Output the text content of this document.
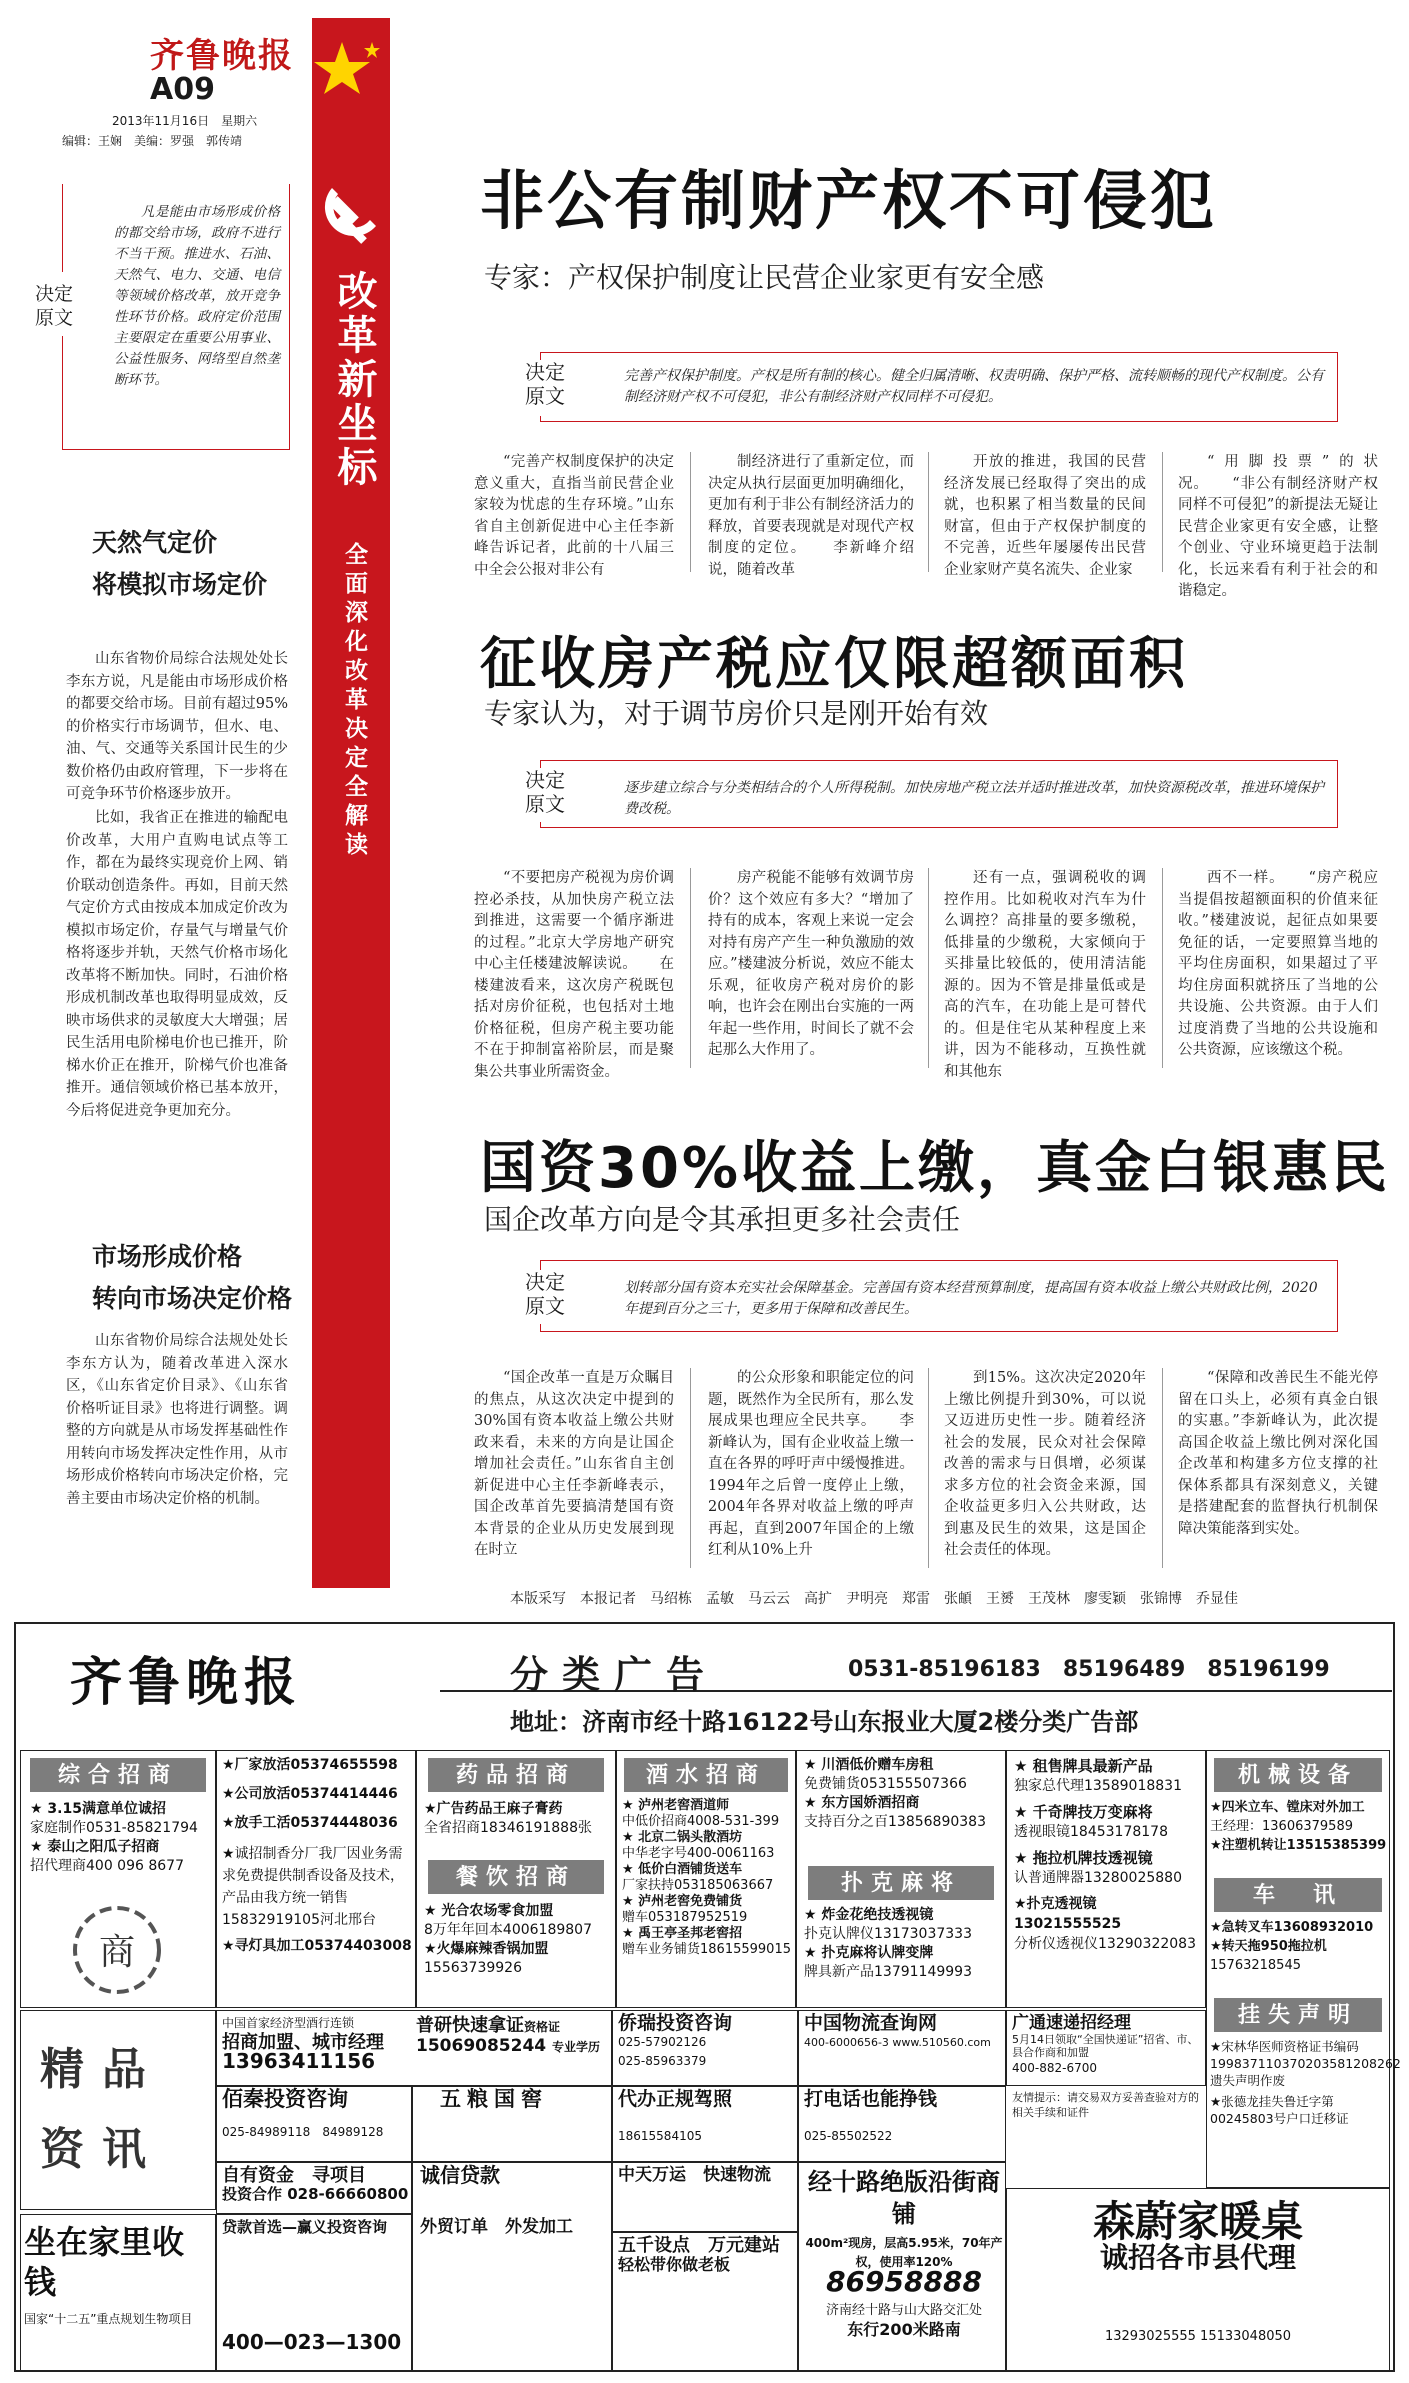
齐鲁晚报
A09
2013年11月16日　星期六
编辑：王娴　美编：罗强　郭传靖
改革新坐标
全面深化改革决定全解读
决定原文
凡是能由市场形成价格的都交给市场，政府不进行不当干预。推进水、石油、天然气、电力、交通、电信等领域价格改革，放开竞争性环节价格。政府定价范围主要限定在重要公用事业、公益性服务、网络型自然垄断环节。
天然气定价
将模拟市场定价
山东省物价局综合法规处处长李东方说，凡是能由市场形成价格的都要交给市场。目前有超过95%的价格实行市场调节，但水、电、油、气、交通等关系国计民生的少数价格仍由政府管理，下一步将在可竞争环节价格逐步放开。
比如，我省正在推进的输配电价改革，大用户直购电试点等工作，都在为最终实现竞价上网、销价联动创造条件。再如，目前天然气定价方式由按成本加成定价改为模拟市场定价，存量气与增量气价格将逐步并轨，天然气价格市场化改革将不断加快。同时，石油价格形成机制改革也取得明显成效，反映市场供求的灵敏度大大增强；居民生活用电阶梯电价也已推开，阶梯水价正在推开，阶梯气价也准备推开。通信领域价格已基本放开，今后将促进竞争更加充分。
市场形成价格
转向市场决定价格
山东省物价局综合法规处处长李东方认为，随着改革进入深水区，《山东省定价目录》、《山东省价格听证目录》也将进行调整。调整的方向就是从市场发挥基础性作用转向市场发挥决定性作用，从市场形成价格转向市场决定价格，完善主要由市场决定价格的机制。
非公有制财产权不可侵犯
专家：产权保护制度让民营企业家更有安全感
决定原文
完善产权保护制度。产权是所有制的核心。健全归属清晰、权责明确、保护严格、流转顺畅的现代产权制度。公有制经济财产权不可侵犯，非公有制经济财产权同样不可侵犯。
“完善产权制度保护的决定意义重大，直指当前民营企业家较为忧虑的生存环境。”山东省自主创新促进中心主任李新峰告诉记者，此前的十八届三中全会公报对非公有
制经济进行了重新定位，而决定从执行层面更加明确细化，更加有利于非公有制经济活力的释放，首要表现就是对现代产权制度的定位。　　李新峰介绍说，随着改革
开放的推进，我国的民营经济发展已经取得了突出的成就，也积累了相当数量的民间财富，但由于产权保护制度的不完善，近些年屡屡传出民营企业家财产莫名流失、企业家
“用脚投票”的状况。　　“非公有制经济财产权同样不可侵犯”的新提法无疑让民营企业家更有安全感，让整个创业、守业环境更趋于法制化，长远来看有利于社会的和谐稳定。
征收房产税应仅限超额面积
专家认为，对于调节房价只是刚开始有效
决定原文
逐步建立综合与分类相结合的个人所得税制。加快房地产税立法并适时推进改革，加快资源税改革，推进环境保护费改税。
“不要把房产税视为房价调控必杀技，从加快房产税立法到推进，这需要一个循序渐进的过程。”北京大学房地产研究中心主任楼建波解读说。　　在楼建波看来，这次房产税既包括对房价征税，也包括对土地价格征税，但房产税主要功能不在于抑制富裕阶层，而是聚集公共事业所需资金。
房产税能不能够有效调节房价？这个效应有多大？“增加了持有的成本，客观上来说一定会对持有房产产生一种负激励的效应。”楼建波分析说，效应不能太乐观，征收房产税对房价的影响，也许会在刚出台实施的一两年起一些作用，时间长了就不会起那么大作用了。
还有一点，强调税收的调控作用。比如税收对汽车为什么调控？高排量的要多缴税，低排量的少缴税，大家倾向于买排量比较低的，使用清洁能源的。因为不管是排量低或是高的汽车，在功能上是可替代的。但是住宅从某种程度上来讲，因为不能移动，互换性就和其他东
西不一样。　　“房产税应当提倡按超额面积的价值来征收。”楼建波说，起征点如果要免征的话，一定要照算当地的平均住房面积，如果超过了平均住房面积就挤压了当地的公共设施、公共资源。由于人们过度消费了当地的公共设施和公共资源，应该缴这个税。
国资30%收益上缴，真金白银惠民
国企改革方向是令其承担更多社会责任
决定原文
划转部分国有资本充实社会保障基金。完善国有资本经营预算制度，提高国有资本收益上缴公共财政比例，2020年提到百分之三十，更多用于保障和改善民生。
“国企改革一直是万众瞩目的焦点，从这次决定中提到的30%国有资本收益上缴公共财政来看，未来的方向是让国企增加社会责任。”山东省自主创新促进中心主任李新峰表示，国企改革首先要搞清楚国有资本背景的企业从历史发展到现在时立
的公众形象和职能定位的问题，既然作为全民所有，那么发展成果也理应全民共享。　　李新峰认为，国有企业收益上缴一直在各界的呼吁声中缓慢推进。1994年之后曾一度停止上缴，2004年各界对收益上缴的呼声再起，直到2007年国企的上缴红利从10%上升
到15%。这次决定2020年上缴比例提升到30%，可以说又迈进历史性一步。随着经济社会的发展，民众对社会保障改善的需求与日俱增，必须谋求多方位的社会资金来源，国企收益更多归入公共财政，达到惠及民生的效果，这是国企社会责任的体现。
“保障和改善民生不能光停留在口头上，必须有真金白银的实惠。”李新峰认为，此次提高国企收益上缴比例对深化国企改革和构建多方位支撑的社保体系都具有深刻意义，关键是搭建配套的监督执行机制保障决策能落到实处。
本版采写　本报记者　马绍栋　孟敏　马云云　高扩　尹明亮　郑雷　张頔　王赟　王茂林　廖雯颖　张锦博　乔显佳
齐鲁晚报	分类广告	0531-85196183　85196489　85196199
地址：济南市经十路16122号山东报业大厦2楼分类广告部
综合招商
★ 3.15满意单位诚招
家庭制作0531-85821794
★ 泰山之阳瓜子招商
招代理商400 096 8677
商
★厂家放活05374655598
★公司放活05374414446
★放手工活05374448036
★诚招制香分厂我厂因业务需求免费提供制香设备及技术，产品由我方统一销售15832919105河北邢台
★寻灯具加工05374403008
药品招商
★广告药品王麻子膏药
全省招商18346191888张
餐饮招商
★ 光合农场零食加盟
8万年年回本4006189807
★火爆麻辣香锅加盟
15563739926
酒水招商
★ 泸州老窖酒道师
中低价招商4008-531-399
★ 北京二锅头散酒坊
中华老字号400-0061163
★ 低价白酒铺货送车
厂家扶持053185063667
★ 泸州老窖免费铺货
赠车053187952519
★ 禹王亭圣邦老窖招
赠车业务铺货18615599015
★ 川酒低价赠车房租
免费铺货053155507366
★ 东方国娇酒招商
支持百分之百13856890383
扑克麻将
★ 炸金花绝技透视镜
扑克认牌仪13173037333
★ 扑克麻将认牌变牌
牌具新产品13791149993
★ 租售牌具最新产品
独家总代理13589018831
★ 千奇牌技万变麻将
透视眼镜18453178178
★ 拖拉机牌技透视镜
认普通牌器13280025880
★扑克透视镜13021555525
分析仪透视仪13290322083
机械设备
★四米立车、镗床对外加工
王经理：13606379589
★注塑机转让13515385399
车　讯
★急转叉车13608932010
★转天拖950拖拉机
15763218545
挂失声明
★宋林华医师资格证书编码199837110370203581208262遗失声明作废
★张德龙挂失鲁迁字第00245803号户口迁移证
精品资讯
中国首家经济型酒行连锁
招商加盟、城市经理
13963411156
普研快速拿证资格证
15069085244 专业学历
侨瑞投资咨询
025-57902126
025-85963379
中国物流查询网
400-6000656-3 www.510560.com
广通速递招经理
5月14日领取“全国快递证”招省、市、县合作商和加盟
400-882-6700
佰秦投资咨询
025-84989118　84989128
五粮国窖	代办正规驾照
18615584105
打电话也能挣钱
025-85502522
友情提示：请交易双方妥善查验对方的相关手续和证件
自有资金　寻项目
投资合作 028-66660800
诚信贷款	中天万运　快速物流	经十路绝版沿街商铺
400m²现房，层高5.95米，70年产权，使用率120%
86958888
济南经十路与山大路交汇处
东行200米路南
森蔚家暖桌
诚招各市县代理
13293025555 15133048050
坐在家里收钱
国家“十二五”重点规划生物项目
贷款首选—赢义投资咨询
400—023—1300
外贸订单　外发加工
五千设点　万元建站
轻松带你做老板
